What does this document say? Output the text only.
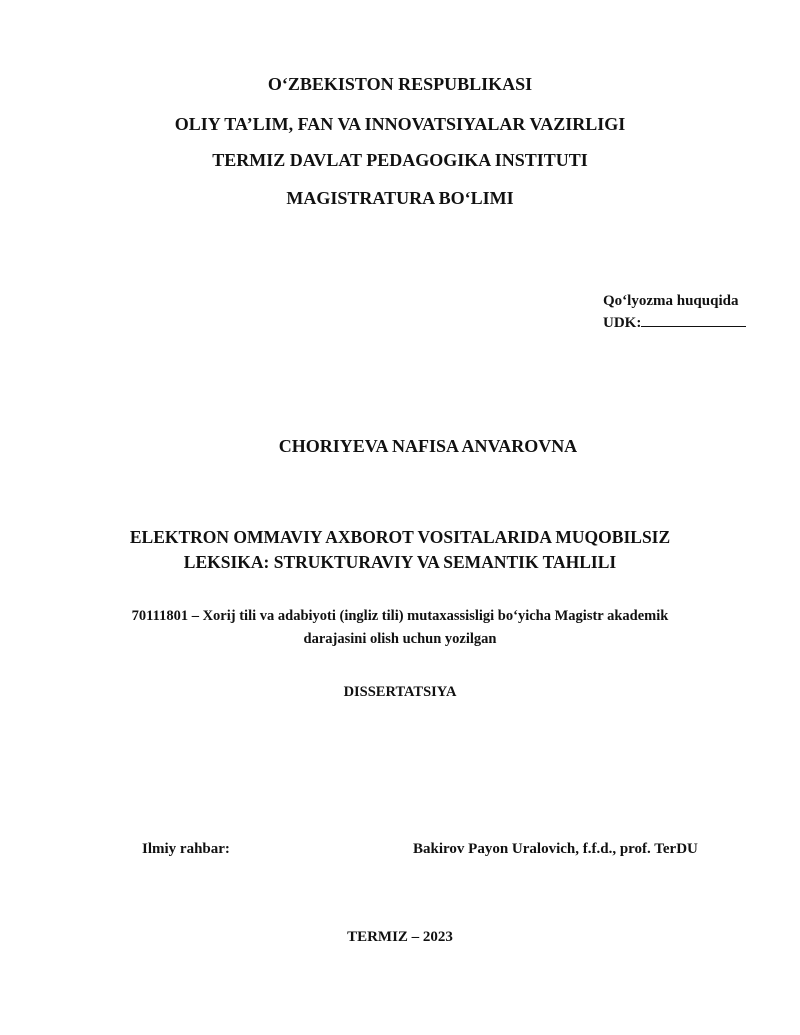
O‘ZBEKISTON RESPUBLIKASI
OLIY TA’LIM, FAN VA INNOVATSIYALAR VAZIRLIGI
TERMIZ DAVLAT PEDAGOGIKA INSTITUTI
MAGISTRATURA BO‘LIMI
Qo‘lyozma huquqida
UDK:
CHORIYEVA NAFISA ANVAROVNA
ELEKTRON OMMAVIY AXBOROT VOSITALARIDA MUQOBILSIZ
LEKSIKA: STRUKTURAVIY VA SEMANTIK TAHLILI
70111801 – Xorij tili va adabiyoti (ingliz tili) mutaxassisligi bo‘yicha Magistr akademik
darajasini olish uchun yozilgan
DISSERTATSIYA
Ilmiy rahbar:	Bakirov Payon Uralovich, f.f.d., prof. TerDU
TERMIZ – 2023
